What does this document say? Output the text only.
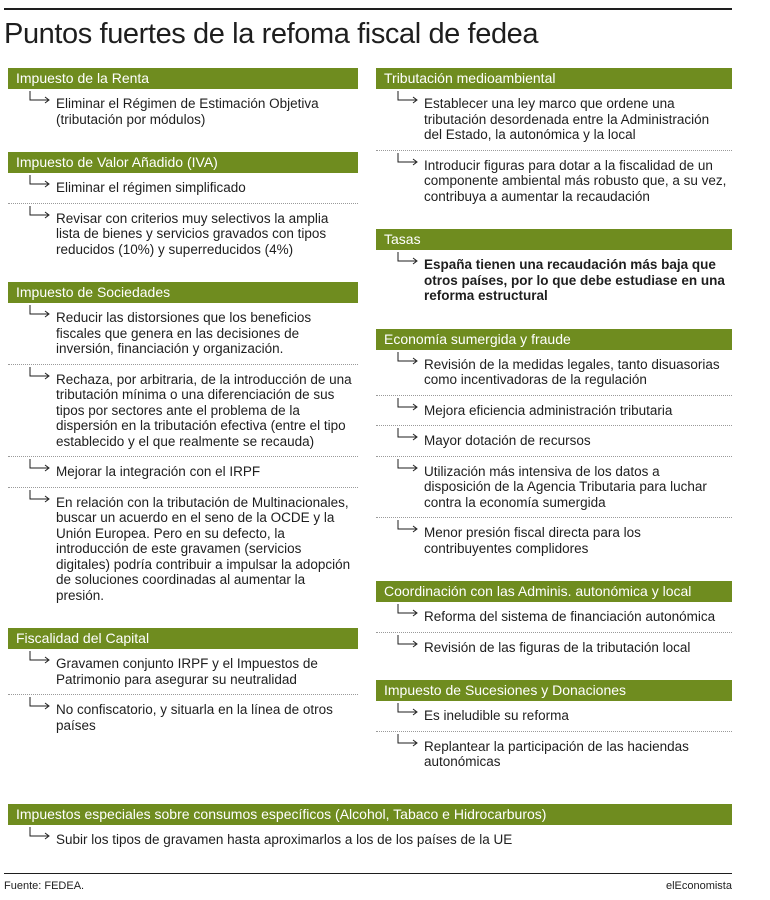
Puntos fuertes de la refoma fiscal de fedea
Impuesto de la Renta
Eliminar el Régimen de Estimación Objetiva (tributación por módulos)
Impuesto de Valor Añadido (IVA)
Eliminar el régimen simplificado
Revisar con criterios muy selectivos la amplia lista de bienes y servicios gravados con tipos reducidos (10%) y superreducidos (4%)
Impuesto de Sociedades
Reducir las distorsiones que los beneficios fiscales que genera en las decisiones de inversión, financiación y organización.
Rechaza, por arbitraria, de la introducción de una tributación mínima o una diferenciación de sus tipos por sectores ante el problema de la dispersión en la tributación efectiva (entre el tipo establecido y el que realmente se recauda)
Mejorar la integración con el IRPF
En relación con la tributación de Multinacionales, buscar un acuerdo en el seno de la OCDE y la Unión Europea. Pero en su defecto, la introducción de este gravamen (servicios digitales) podría contribuir a impulsar la adopción de soluciones coordinadas al aumentar la presión.
Fiscalidad del Capital
Gravamen conjunto IRPF y el Impuestos de Patrimonio para asegurar su neutralidad
No confiscatorio, y situarla en la línea de otros países
Tributación medioambiental
Establecer una ley marco que ordene una tributación desordenada entre la Administración del Estado, la autonómica y la local
Introducir figuras para dotar a la fiscalidad de un componente ambiental más robusto que, a su vez, contribuya a aumentar la recaudación
Tasas
España tienen una recaudación más baja que otros países, por lo que debe estudiase en una reforma estructural
Economía sumergida y fraude
Revisión de la medidas legales, tanto disuasorias como incentivadoras de la regulación
Mejora eficiencia administración tributaria
Mayor dotación de recursos
Utilización más intensiva de los datos a disposición de la Agencia Tributaria para luchar contra la economía sumergida
Menor presión fiscal directa para los contribuyentes complidores
Coordinación con las Adminis. autonómica y local
Reforma del sistema de financiación autonómica
Revisión de las figuras de la tributación local
Impuesto de Sucesiones y Donaciones
Es ineludible su reforma
Replantear la participación de las haciendas autonómicas
Impuestos especiales sobre consumos específicos (Alcohol, Tabaco e Hidrocarburos)
Subir los tipos de gravamen hasta aproximarlos a los de los países de la UE
Fuente: FEDEA.	elEconomista
